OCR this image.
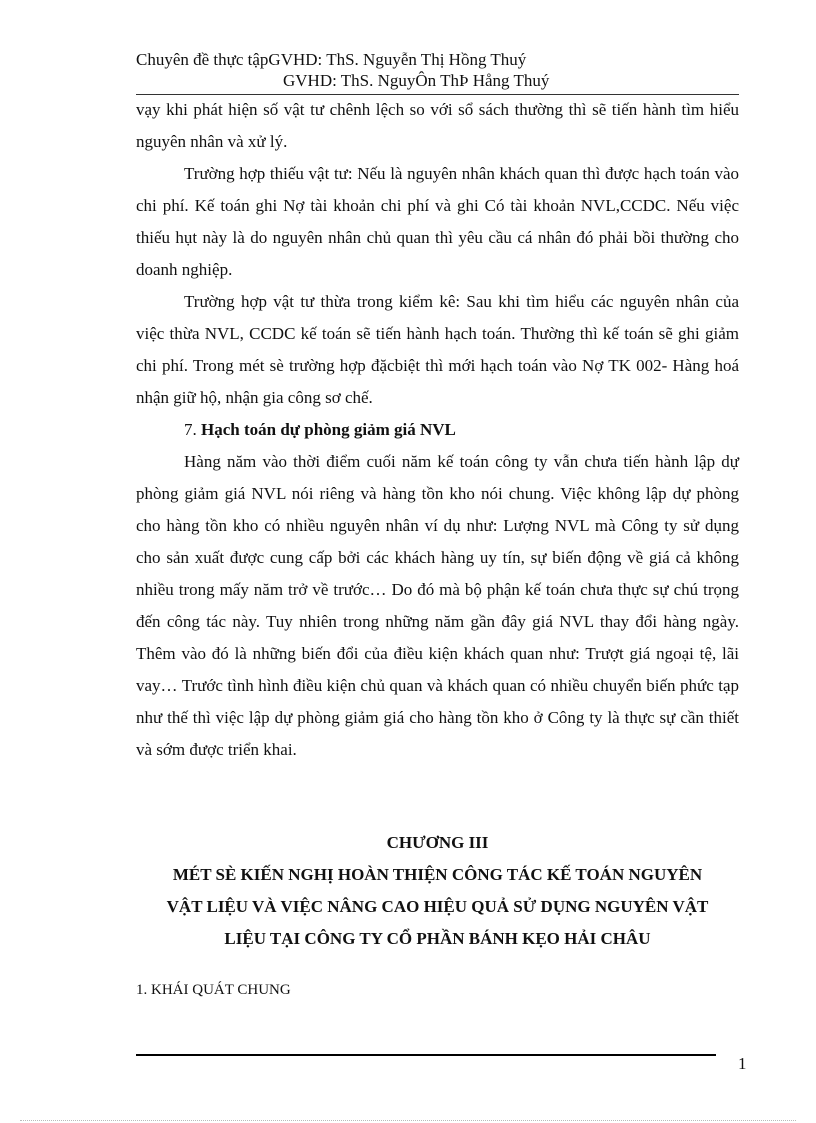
Chuyên đề thực tậpGVHD: ThS. Nguyễn Thị Hồng Thuý
GVHD: ThS. NguyÔn ThÞ Hång Thuý

vạy khi phát hiện số vật tư chênh lệch so với sổ sách thường thì sẽ tiến hành tìm hiểu nguyên nhân và xử lý.

Trường hợp thiếu vật tư: Nếu là nguyên nhân khách quan thì được hạch toán vào chi phí. Kế toán ghi Nợ tài khoản chi phí và ghi Có tài khoản NVL,CCDC. Nếu việc thiếu hụt này là do nguyên nhân chủ quan thì yêu cầu cá nhân đó phải bồi thường cho doanh nghiệp.

Trường hợp vật tư thừa trong kiểm kê: Sau khi tìm hiểu các nguyên nhân của việc thừa NVL, CCDC kế toán sẽ tiến hành hạch toán. Thường thì kế toán sẽ ghi giảm chi phí. Trong mét sè trường hợp đặcbiệt thì mới hạch toán vào Nợ TK 002- Hàng hoá nhận giữ hộ, nhận gia công sơ chế.

7. Hạch toán dự phòng giảm giá NVL

Hàng năm vào thời điểm cuối năm kế toán công ty vẫn chưa tiến hành lập dự phòng giảm giá NVL nói riêng và hàng tồn kho nói chung. Việc không lập dự phòng cho hàng tồn kho có nhiều nguyên nhân ví dụ như: Lượng NVL mà Công ty sử dụng cho sản xuất được cung cấp bởi các khách hàng uy tín, sự biến động về giá cả không nhiều trong mấy năm trở về trước… Do đó mà bộ phận kế toán chưa thực sự chú trọng đến công tác này. Tuy nhiên trong những năm gần đây giá NVL thay đổi hàng ngày. Thêm vào đó là những biến đổi của điều kiện khách quan như: Trượt giá ngoại tệ, lãi vay… Trước tình hình điều kiện chủ quan và khách quan có nhiều chuyển biến phức tạp như thế thì việc lập dự phòng giảm giá cho hàng tồn kho ở Công ty là thực sự cần thiết và sớm được triển khai.

CHƯƠNG III
MÉT SÈ KIẾN NGHỊ HOÀN THIỆN CÔNG TÁC KẾ TOÁN NGUYÊN
VẬT LIỆU VÀ VIỆC NÂNG CAO HIỆU QUẢ SỬ DỤNG NGUYÊN VẬT
LIỆU TẠI CÔNG TY CỔ PHẦN BÁNH KẸO HẢI CHÂU
1. KHÁI QUÁT CHUNG
1
